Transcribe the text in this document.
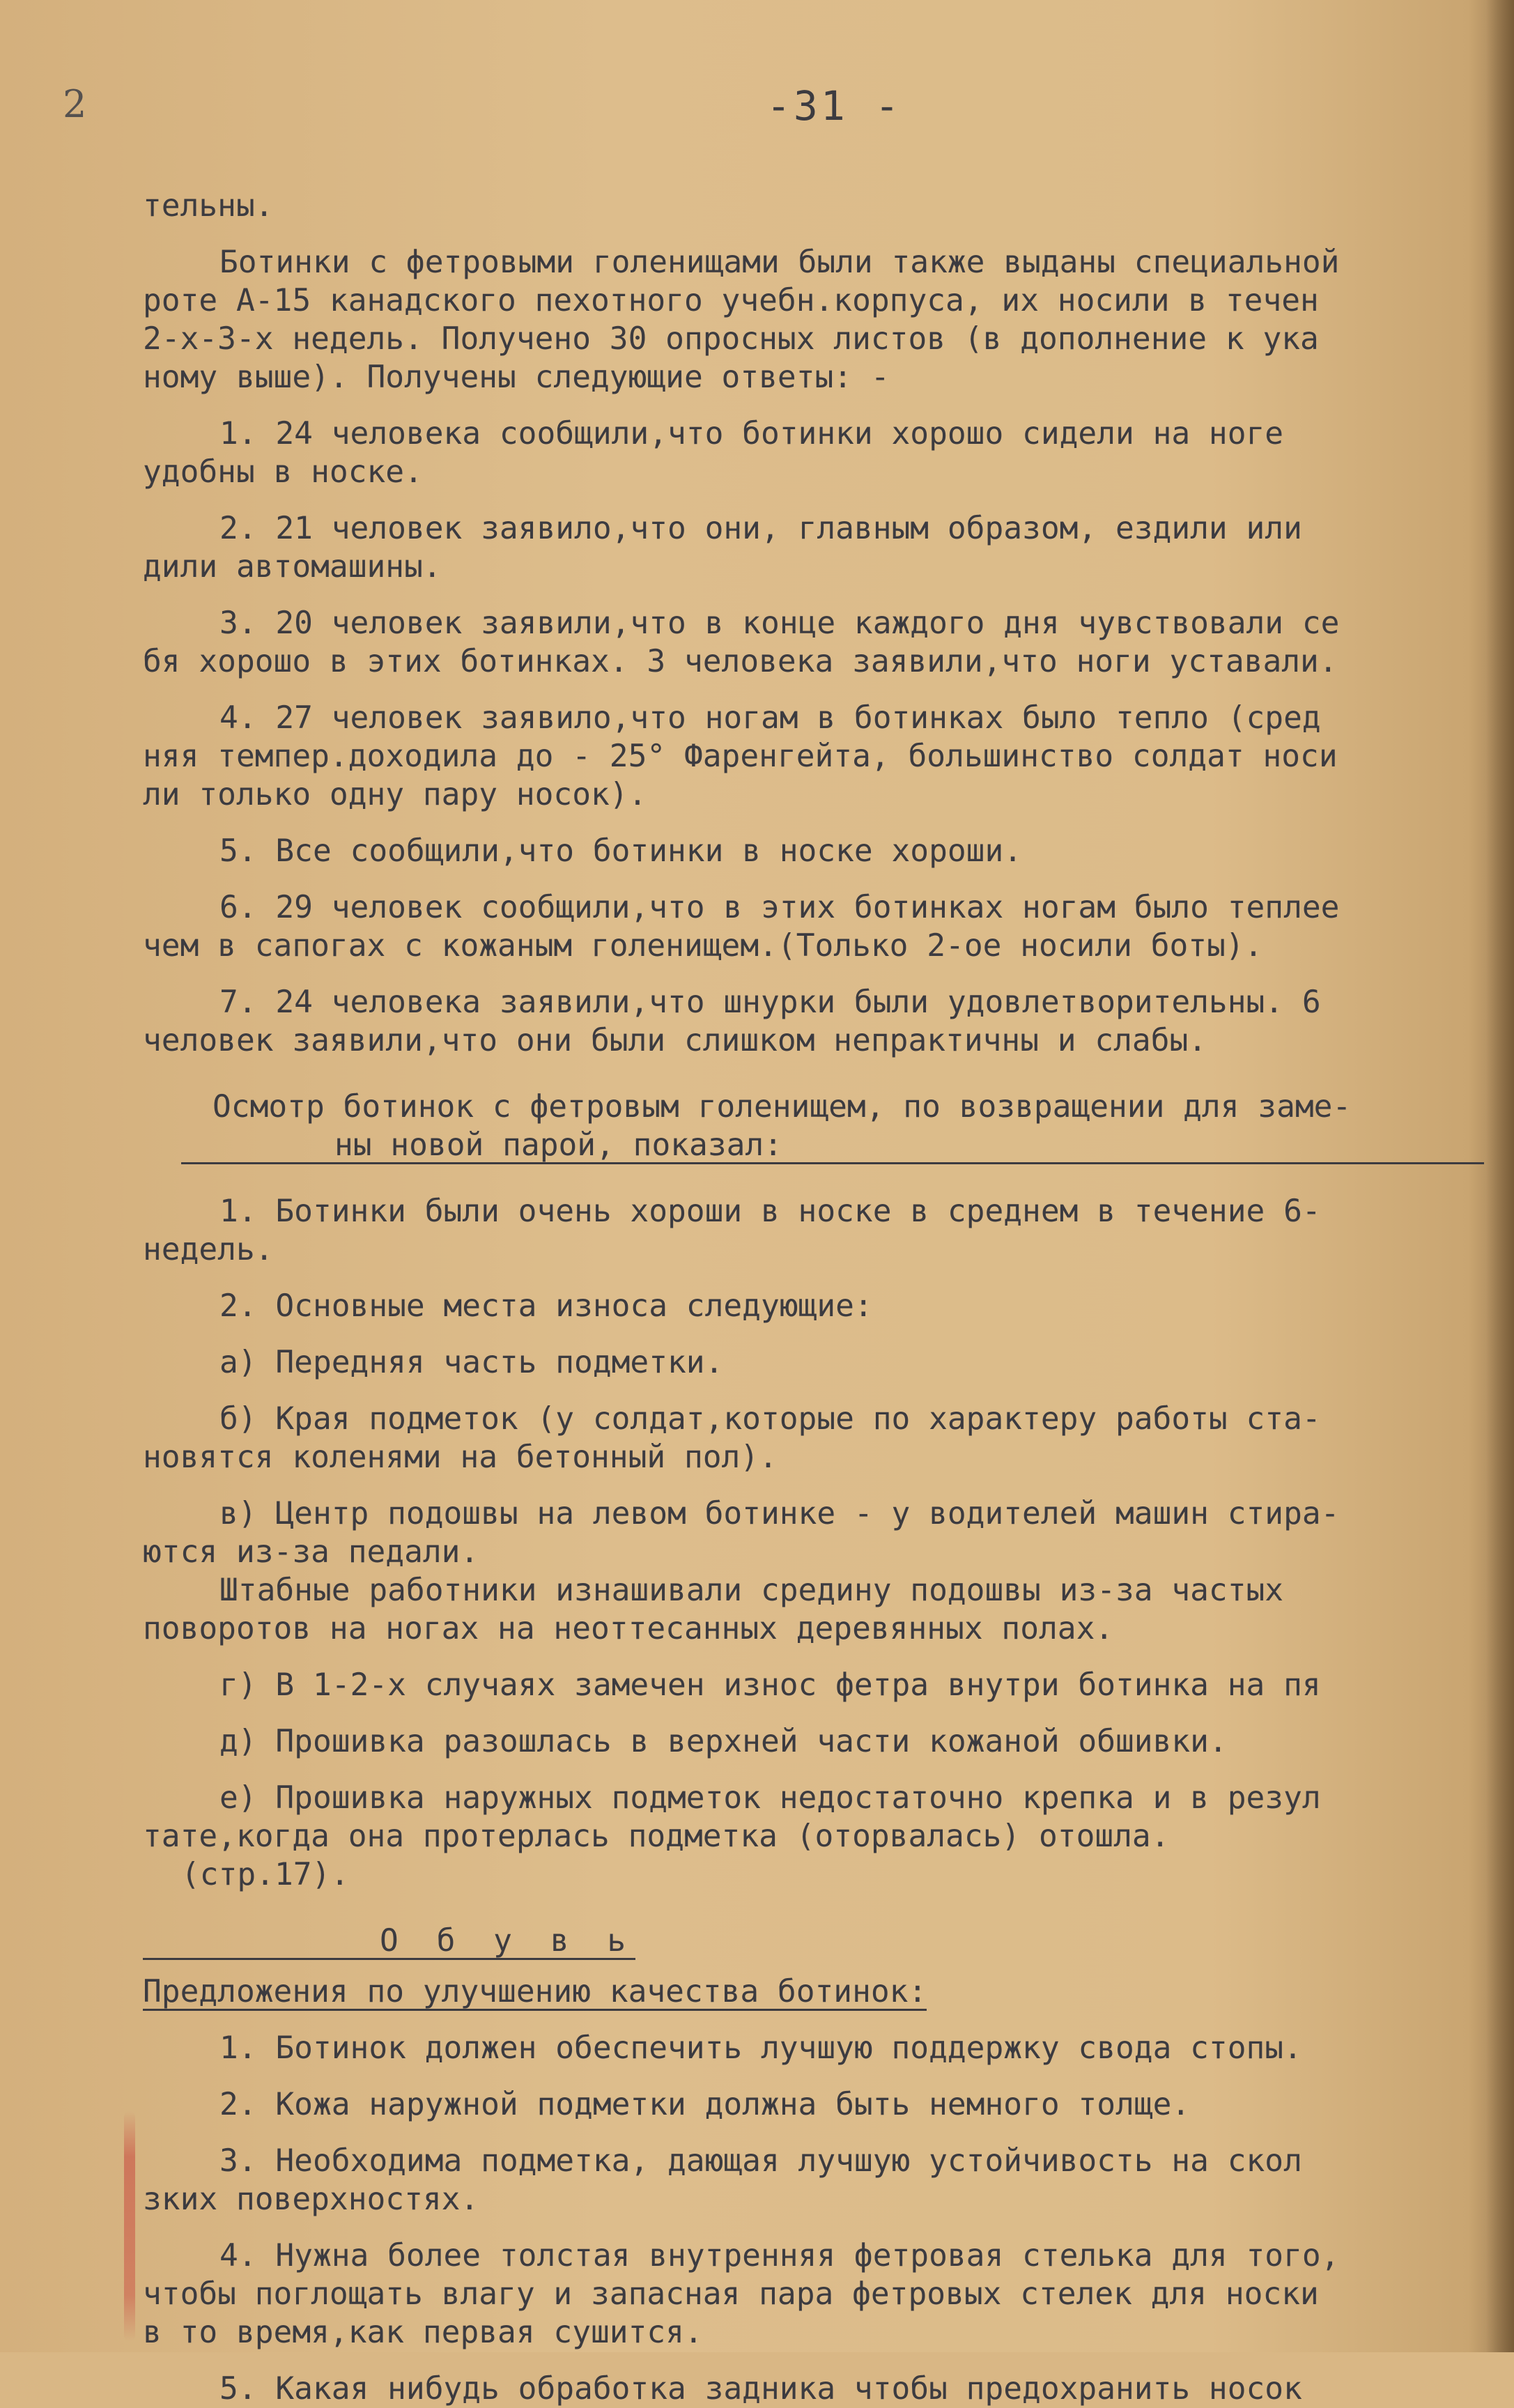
2	-31 -
тельны.
Ботинки с фетровыми голенищами были также выданы специальной
роте А-15 канадского пехотного учебн.корпуса, их носили в течен
2-х-3-х недель. Получено 30 опросных листов (в дополнение к ука
ному выше). Получены следующие ответы: -
1. 24 человека сообщили,что ботинки хорошо сидели на ноге
удобны в носке.
2. 21 человек заявило,что они, главным образом, ездили или
дили автомашины.
3. 20 человек заявили,что в конце каждого дня чувствовали се
бя хорошо в этих ботинках. 3 человека заявили,что ноги уставали.
4. 27 человек заявило,что ногам в ботинках было тепло (сред
няя темпер.доходила до - 25° Фаренгейта, большинство солдат носи
ли только одну пару носок).
5. Все сообщили,что ботинки в носке хороши.
6. 29 человек сообщили,что в этих ботинках ногам было теплее
чем в сапогах с кожаным голенищем.(Только 2-ое носили боты).
7. 24 человека заявили,что шнурки были удовлетворительны. 6
человек заявили,что они были слишком непрактичны и слабы.
Осмотр ботинок с фетровым голенищем, по возвращении для заме-
ны новой парой, показал:
1. Ботинки были очень хороши в носке в среднем в течение 6-
недель.
2. Основные места износа следующие:
а) Передняя часть подметки.
б) Края подметок (у солдат,которые по характеру работы ста-
новятся коленями на бетонный пол).
в) Центр подошвы на левом ботинке - у водителей машин стира-
ются из-за педали.
Штабные работники изнашивали средину подошвы из-за частых
поворотов на ногах на неоттесанных деревянных полах.
г) В 1-2-х случаях замечен износ фетра внутри ботинка на пя
д) Прошивка разошлась в верхней части кожаной обшивки.
е) Прошивка наружных подметок недостаточно крепка и в резул
тате,когда она протерлась подметка (оторвалась) отошла.
(стр.17).
О б у в ь
Предложения по улучшению качества ботинок:
1. Ботинок должен обеспечить лучшую поддержку свода стопы.
2. Кожа наружной подметки должна быть немного толще.
3. Необходима подметка, дающая лучшую устойчивость на скол
зких поверхностях.
4. Нужна более толстая внутренняя фетровая стелька для того,
чтобы поглощать влагу и запасная пара фетровых стелек для носки
в то время,как первая сушится.
5. Какая нибудь обработка задника чтобы предохранить носок
